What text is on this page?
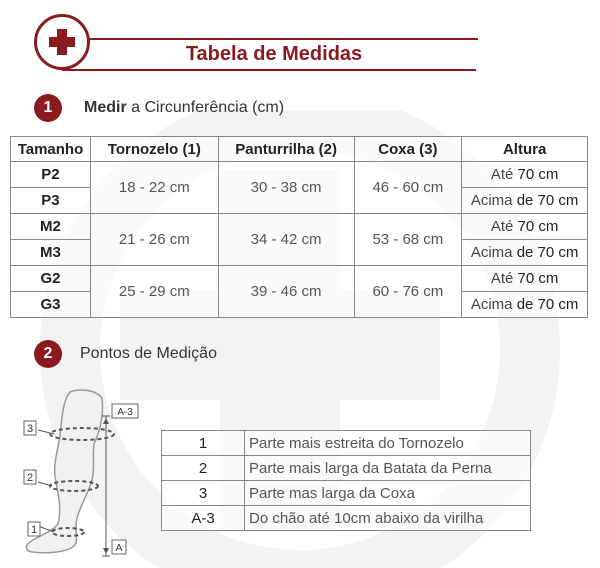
Tabela de Medidas
1	Medir a Circunferência (cm)
Tamanho	Tornozelo (1)	Panturrilha (2)	Coxa (3)	Altura
P2	18 - 22 cm	30 - 38 cm	46 - 60 cm	Até 70 cm
P3				Acima de 70 cm
M2	21 - 26 cm	34 - 42 cm	53 - 68 cm	Até 70 cm
M3				Acima de 70 cm
G2	25 - 29 cm	39 - 46 cm	60 - 76 cm	Até 70 cm
G3				Acima de 70 cm
2	Pontos de Medição
3
2
1
A-3
A
1	Parte mais estreita do Tornozelo
2	Parte mais larga da Batata da Perna
3	Parte mas larga da Coxa
A-3	Do chão até 10cm abaixo da virilha
